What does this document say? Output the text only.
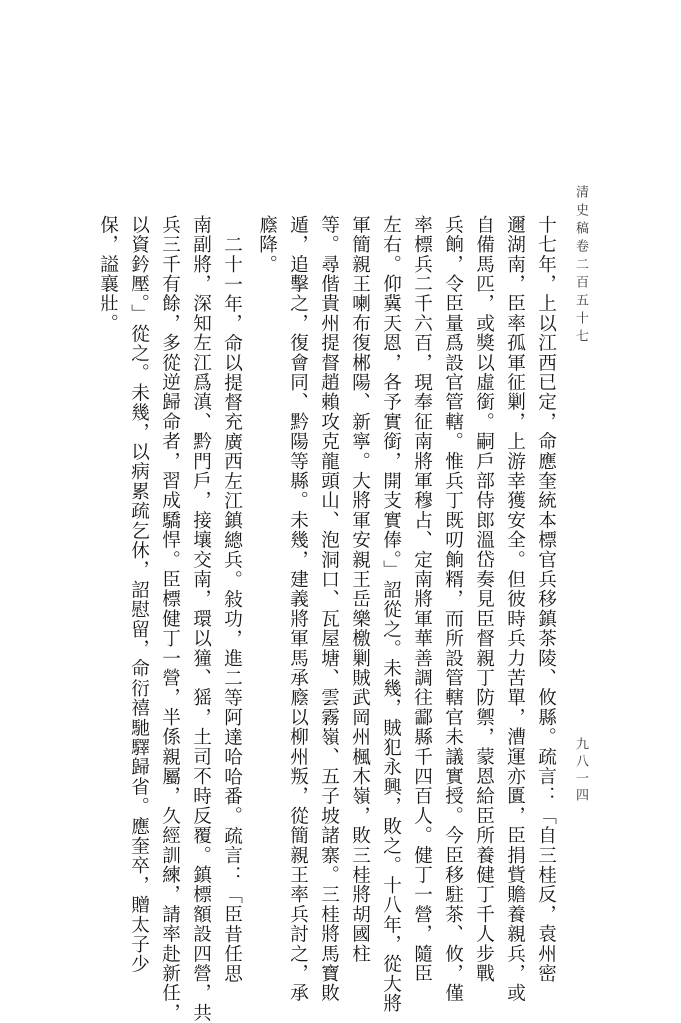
清史稿卷二百五十七
九八一四
十七年，上以江西已定，命應奎統本標官兵移鎮茶陵、攸縣。疏言：「自三桂反，袁州密
邇湖南，臣率孤軍征剿，上游幸獲安全。但彼時兵力苦單，漕運亦匱，臣捐貲贍養親兵，或
自備馬匹，或獎以虛銜。嗣戶部侍郎溫岱奏見臣督親丁防禦，蒙恩給臣所養健丁千人步戰
兵餉，令臣量爲設官管轄。惟兵丁既叨餉糈，而所設管轄官未議實授。今臣移駐茶、攸，僅
率標兵二千六百，現奉征南將軍穆占、定南將軍華善調往酃縣千四百人。健丁一營，隨臣
左右。仰冀天恩，各予實銜，開支實俸。」詔從之。未幾，賊犯永興，敗之。十八年，從大將
軍簡親王喇布復郴陽、新寧。大將軍安親王岳樂檄剿賊武岡州楓木嶺，敗三桂將胡國柱
等。尋偕貴州提督趙賴攻克龍頭山、泡洞口、瓦屋塘、雲霧嶺、五子坡諸寨。三桂將馬寶敗
遁，追擊之，復會同、黔陽等縣。未幾，建義將軍馬承廕以柳州叛，從簡親王率兵討之，承
廕降。
二十一年，命以提督充廣西左江鎮總兵。敍功，進二等阿達哈哈番。疏言：「臣昔任思
南副將，深知左江爲滇、黔門戶，接壤交南，環以獞、猺，土司不時反覆。鎮標額設四營，共
兵三千有餘，多從逆歸命者，習成驕悍。臣標健丁一營，半係親屬，久經訓練，請率赴新任，
以資鈐壓。」從之。未幾，以病累疏乞休，詔慰留，命衍禧馳驛歸省。應奎卒，贈太子少
保，謚襄壯。
